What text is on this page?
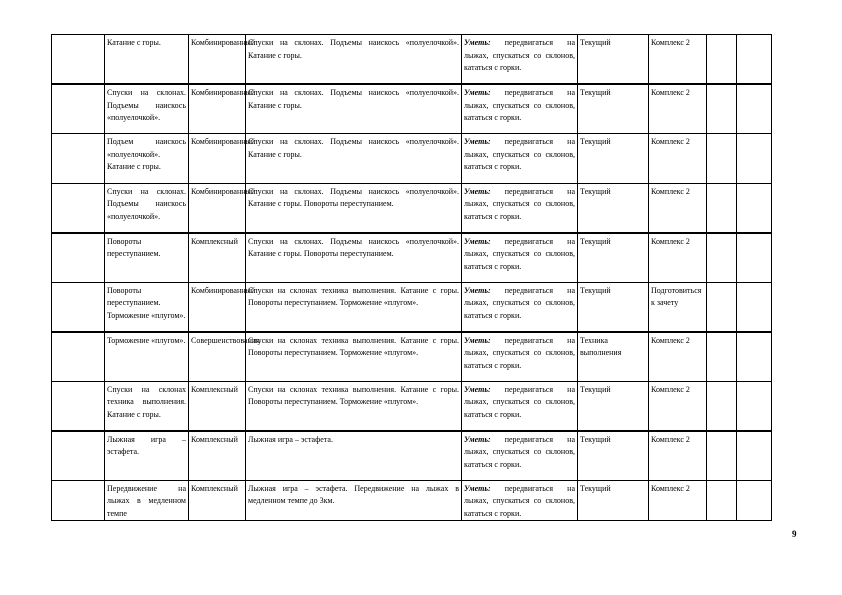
	Катание с горы.	Комбинированный	Спуски на склонах. Подъемы наискось «полуелочкой». Катание с горы.	Уметь: передвигаться на лыжах, спускаться со склонов, кататься с горки.	Текущий	Комплекс 2		
	Спуски на склонах. Подъемы наискось «полуелочкой».	Комбинированный	Спуски на склонах. Подъемы наискось «полуелочкой». Катание с горы.	Уметь: передвигаться на лыжах, спускаться со склонов, кататься с горки.	Текущий	Комплекс 2		
	Подъем наискось «полуелочкой». Катание с горы.	Комбинированный	Спуски на склонах. Подъемы наискось «полуелочкой». Катание с горы.	Уметь: передвигаться на лыжах, спускаться со склонов, кататься с горки.	Текущий	Комплекс 2		
	Спуски на склонах. Подъемы наискось «полуелочкой».	Комбинированный	Спуски на склонах. Подъемы наискось «полуелочкой». Катание с горы. Повороты переступанием.	Уметь: передвигаться на лыжах, спускаться со склонов, кататься с горки.	Текущий	Комплекс 2		
	Повороты переступанием.	Комплексный	Спуски на склонах. Подъемы наискось «полуелочкой». Катание с горы. Повороты переступанием.	Уметь: передвигаться на лыжах, спускаться со склонов, кататься с горки.	Текущий	Комплекс 2		
	Повороты переступанием. Торможение «плугом».	Комбинированный	Спуски на склонах техника выполнения. Катание с горы. Повороты переступанием. Торможение «плугом».	Уметь: передвигаться на лыжах, спускаться со склонов, кататься с горки.	Текущий	Подготовиться к зачету		
	Торможение «плугом».	Совершенствования	Спуски на склонах техника выполнения. Катание с горы. Повороты переступанием. Торможение «плугом».	Уметь: передвигаться на лыжах, спускаться со склонов, кататься с горки.	Техника выполнения	Комплекс 2		
	Спуски на склонах техника выполнения. Катание с горы.	Комплексный	Спуски на склонах техника выполнения. Катание с горы. Повороты переступанием. Торможение «плугом».	Уметь: передвигаться на лыжах, спускаться со склонов, кататься с горки.	Текущий	Комплекс 2		
	Лыжная игра – эстафета.	Комплексный	Лыжная игра – эстафета.	Уметь: передвигаться на лыжах, спускаться со склонов, кататься с горки.	Текущий	Комплекс 2		
	Передвижение на лыжах в медленном темпе	Комплексный	Лыжная игра – эстафета. Передвижение на лыжах в медленном темпе до 3км.	Уметь: передвигаться на лыжах, спускаться со склонов, кататься с горки.	Текущий	Комплекс 2		
9
